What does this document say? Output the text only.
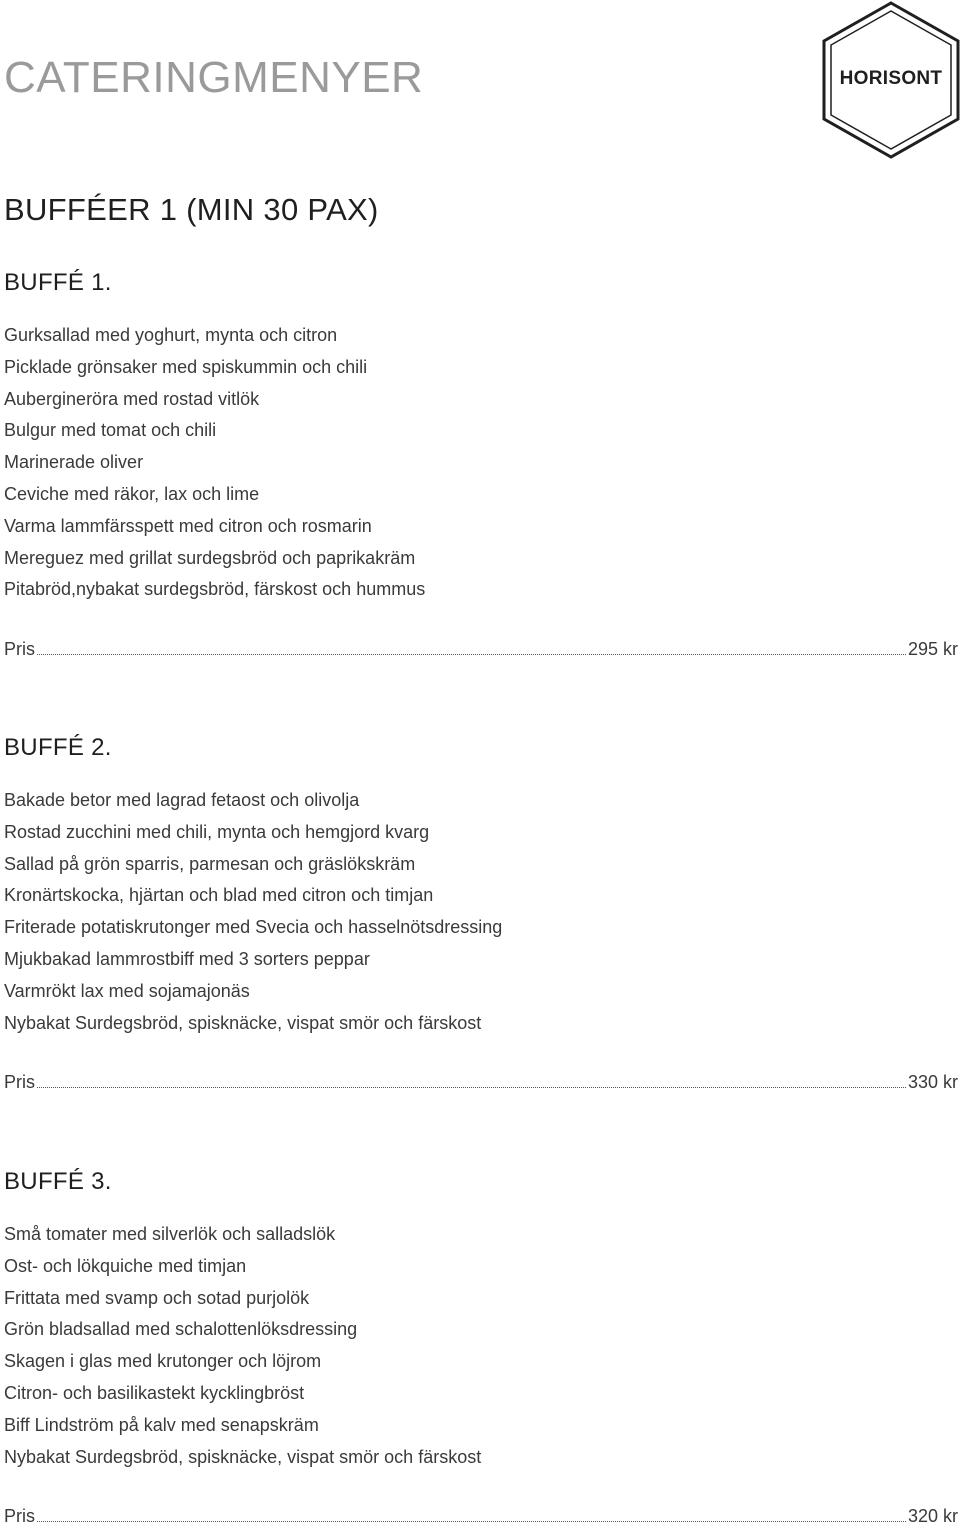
CATERINGMENYER	HORISONT
BUFFÉER 1 (MIN 30 PAX)
BUFFÉ 1.
Gurksallad med yoghurt, mynta och citron
Picklade grönsaker med spiskummin och chili
Aubergineröra med rostad vitlök
Bulgur med tomat och chili
Marinerade oliver
Ceviche med räkor, lax och lime
Varma lammfärsspett med citron och rosmarin
Mereguez med grillat surdegsbröd och paprikakräm
Pitabröd,nybakat surdegsbröd, färskost och hummus
Pris	295 kr
BUFFÉ 2.
Bakade betor med lagrad fetaost och olivolja
Rostad zucchini med chili, mynta och hemgjord kvarg
Sallad på grön sparris, parmesan och gräslökskräm
Kronärtskocka, hjärtan och blad med citron och timjan
Friterade potatiskrutonger med Svecia och hasselnötsdressing
Mjukbakad lammrostbiff med 3 sorters peppar
Varmrökt lax med sojamajonäs
Nybakat Surdegsbröd, spisknäcke, vispat smör och färskost
Pris	330 kr
BUFFÉ 3.
Små tomater med silverlök och salladslök
Ost- och lökquiche med timjan
Frittata med svamp och sotad purjolök
Grön bladsallad med schalottenlöksdressing
Skagen i glas med krutonger och löjrom
Citron- och basilikastekt kycklingbröst
Biff Lindström på kalv med senapskräm
Nybakat Surdegsbröd, spisknäcke, vispat smör och färskost
Pris	320 kr
